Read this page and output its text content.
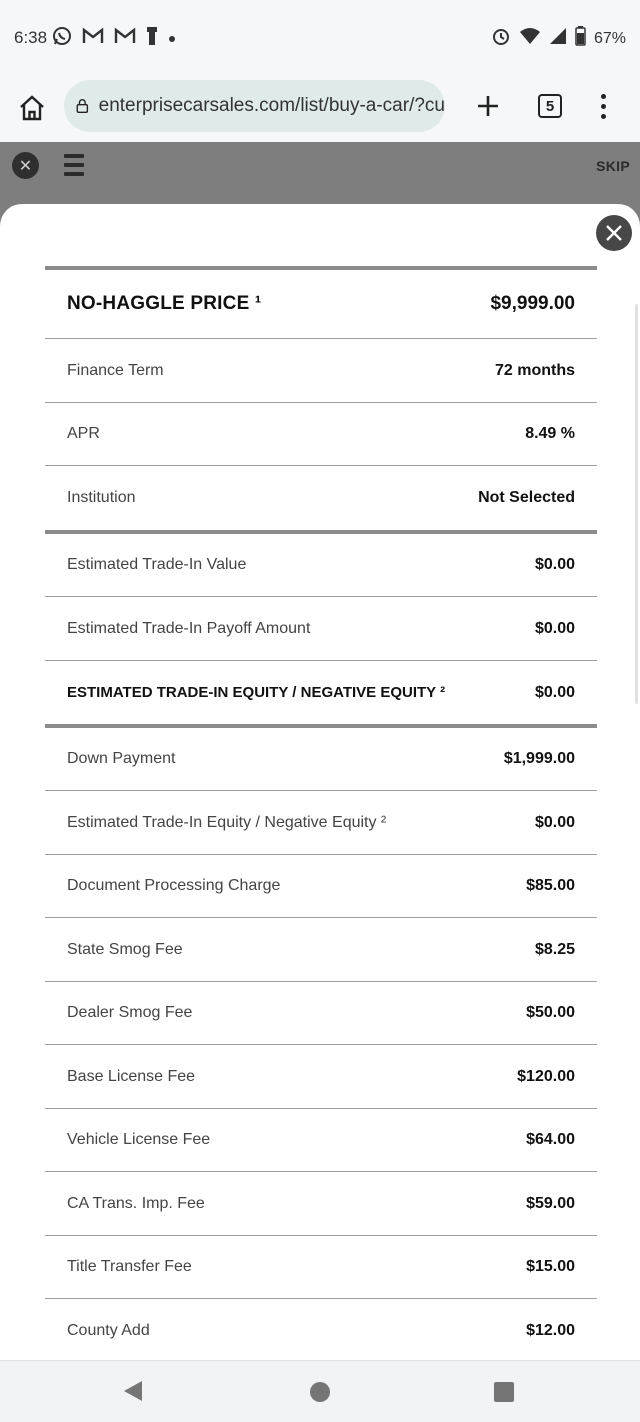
6:38	67%
enterprisecarsales.com/list/buy-a-car/?cu	5
✕	SKIP
NO-HAGGLE PRICE ¹	$9,999.00
Finance Term	72 months
APR	8.49 %
Institution	Not Selected
Estimated Trade-In Value	$0.00
Estimated Trade-In Payoff Amount	$0.00
ESTIMATED TRADE-IN EQUITY / NEGATIVE EQUITY ²	$0.00
Down Payment	$1,999.00
Estimated Trade-In Equity / Negative Equity ²	$0.00
Document Processing Charge	$85.00
State Smog Fee	$8.25
Dealer Smog Fee	$50.00
Base License Fee	$120.00
Vehicle License Fee	$64.00
CA Trans. Imp. Fee	$59.00
Title Transfer Fee	$15.00
County Add	$12.00
